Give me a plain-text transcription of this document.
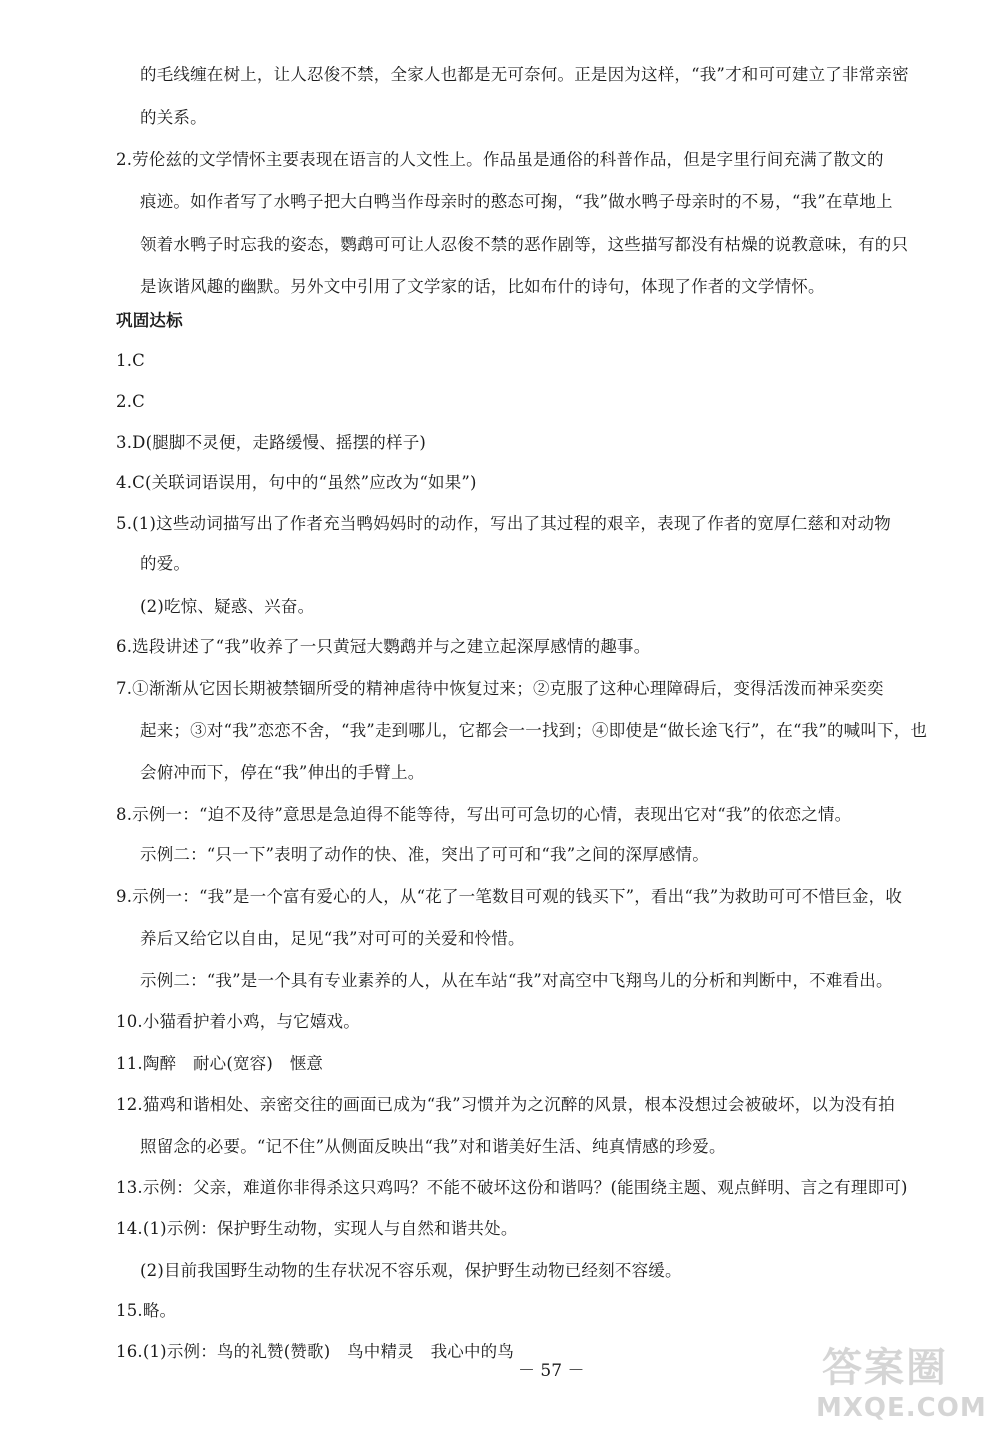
的毛线缠在树上，让人忍俊不禁，全家人也都是无可奈何。正是因为这样，“我”才和可可建立了非常亲密
的关系。
2.劳伦兹的文学情怀主要表现在语言的人文性上。作品虽是通俗的科普作品，但是字里行间充满了散文的
痕迹。如作者写了水鸭子把大白鸭当作母亲时的憨态可掬，“我”做水鸭子母亲时的不易，“我”在草地上
领着水鸭子时忘我的姿态，鹦鹉可可让人忍俊不禁的恶作剧等，这些描写都没有枯燥的说教意味，有的只
是诙谐风趣的幽默。另外文中引用了文学家的话，比如布什的诗句，体现了作者的文学情怀。
巩固达标
1.C
2.C
3.D(腿脚不灵便，走路缓慢、摇摆的样子)
4.C(关联词语误用，句中的“虽然”应改为“如果”)
5.(1)这些动词描写出了作者充当鸭妈妈时的动作，写出了其过程的艰辛，表现了作者的宽厚仁慈和对动物
的爱。
(2)吃惊、疑惑、兴奋。
6.选段讲述了“我”收养了一只黄冠大鹦鹉并与之建立起深厚感情的趣事。
7.①渐渐从它因长期被禁锢所受的精神虐待中恢复过来；②克服了这种心理障碍后，变得活泼而神采奕奕
起来；③对“我”恋恋不舍，“我”走到哪儿，它都会一一找到；④即使是“做长途飞行”，在“我”的喊叫下，也
会俯冲而下，停在“我”伸出的手臂上。
8.示例一：“迫不及待”意思是急迫得不能等待，写出可可急切的心情，表现出它对“我”的依恋之情。
示例二：“只一下”表明了动作的快、准，突出了可可和“我”之间的深厚感情。
9.示例一：“我”是一个富有爱心的人，从“花了一笔数目可观的钱买下”，看出“我”为救助可可不惜巨金，收
养后又给它以自由，足见“我”对可可的关爱和怜惜。
示例二：“我”是一个具有专业素养的人，从在车站“我”对高空中飞翔鸟儿的分析和判断中，不难看出。
10.小猫看护着小鸡，与它嬉戏。
11.陶醉　耐心(宽容)　惬意
12.猫鸡和谐相处、亲密交往的画面已成为“我”习惯并为之沉醉的风景，根本没想过会被破坏，以为没有拍
照留念的必要。“记不住”从侧面反映出“我”对和谐美好生活、纯真情感的珍爱。
13.示例：父亲，难道你非得杀这只鸡吗？不能不破坏这份和谐吗？(能围绕主题、观点鲜明、言之有理即可)
14.(1)示例：保护野生动物，实现人与自然和谐共处。
(2)目前我国野生动物的生存状况不容乐观，保护野生动物已经刻不容缓。
15.略。
16.(1)示例：鸟的礼赞(赞歌)　鸟中精灵　我心中的鸟
－ 57 －	答案圈
MXQE.COM
